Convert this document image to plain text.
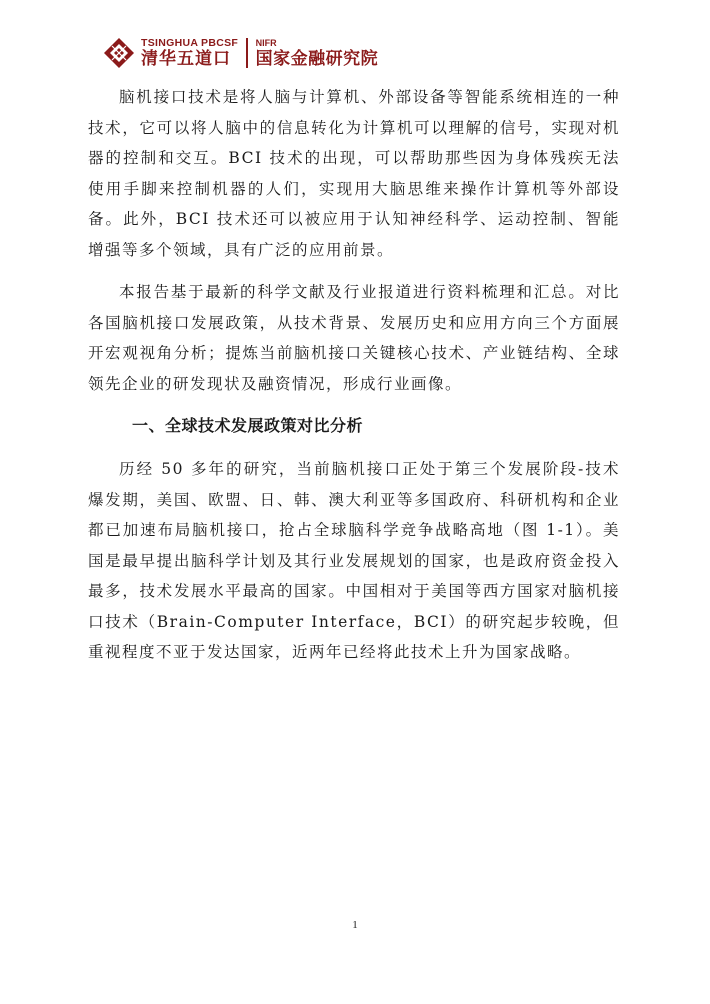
TSINGHUA PBCSF
清华五道口
NIFR
国家金融研究院

脑机接口技术是将人脑与计算机、外部设备等智能系统相连的一种技术，它可以将人脑中的信息转化为计算机可以理解的信号，实现对机器的控制和交互。BCI 技术的出现，可以帮助那些因为身体残疾无法使用手脚来控制机器的人们，实现用大脑思维来操作计算机等外部设备。此外，BCI 技术还可以被应用于认知神经科学、运动控制、智能增强等多个领域，具有广泛的应用前景。

本报告基于最新的科学文献及行业报道进行资料梳理和汇总。对比各国脑机接口发展政策，从技术背景、发展历史和应用方向三个方面展开宏观视角分析；提炼当前脑机接口关键核心技术、产业链结构、全球领先企业的研发现状及融资情况，形成行业画像。

一、全球技术发展政策对比分析

历经 50 多年的研究，当前脑机接口正处于第三个发展阶段-技术爆发期，美国、欧盟、日、韩、澳大利亚等多国政府、科研机构和企业都已加速布局脑机接口，抢占全球脑科学竞争战略高地（图 1-1）。美国是最早提出脑科学计划及其行业发展规划的国家，也是政府资金投入最多，技术发展水平最高的国家。中国相对于美国等西方国家对脑机接口技术（Brain-Computer Interface，BCI）的研究起步较晚，但重视程度不亚于发达国家，近两年已经将此技术上升为国家战略。

1
